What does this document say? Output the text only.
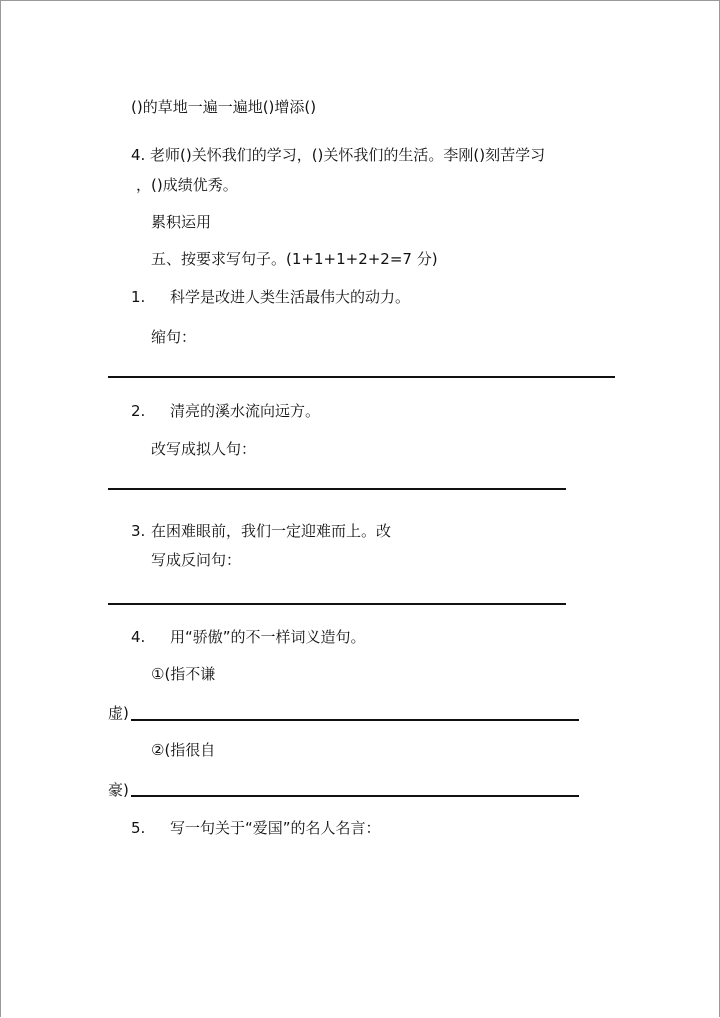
()的草地一遍一遍地()增添()
4. 老师()关怀我们的学习，()关怀我们的生活。李刚()刻苦学习
，()成绩优秀。
累积运用
五、按要求写句子。(1+1+1+2+2=7 分)
1. 科学是改进人类生活最伟大的动力。
缩句：
2. 清亮的溪水流向远方。
改写成拟人句：
3. 在困难眼前，我们一定迎难而上。改
写成反问句：
4. 用“骄傲”的不一样词义造句。
①(指不谦
虚)
②(指很自
豪)
5. 写一句关于“爱国”的名人名言：
